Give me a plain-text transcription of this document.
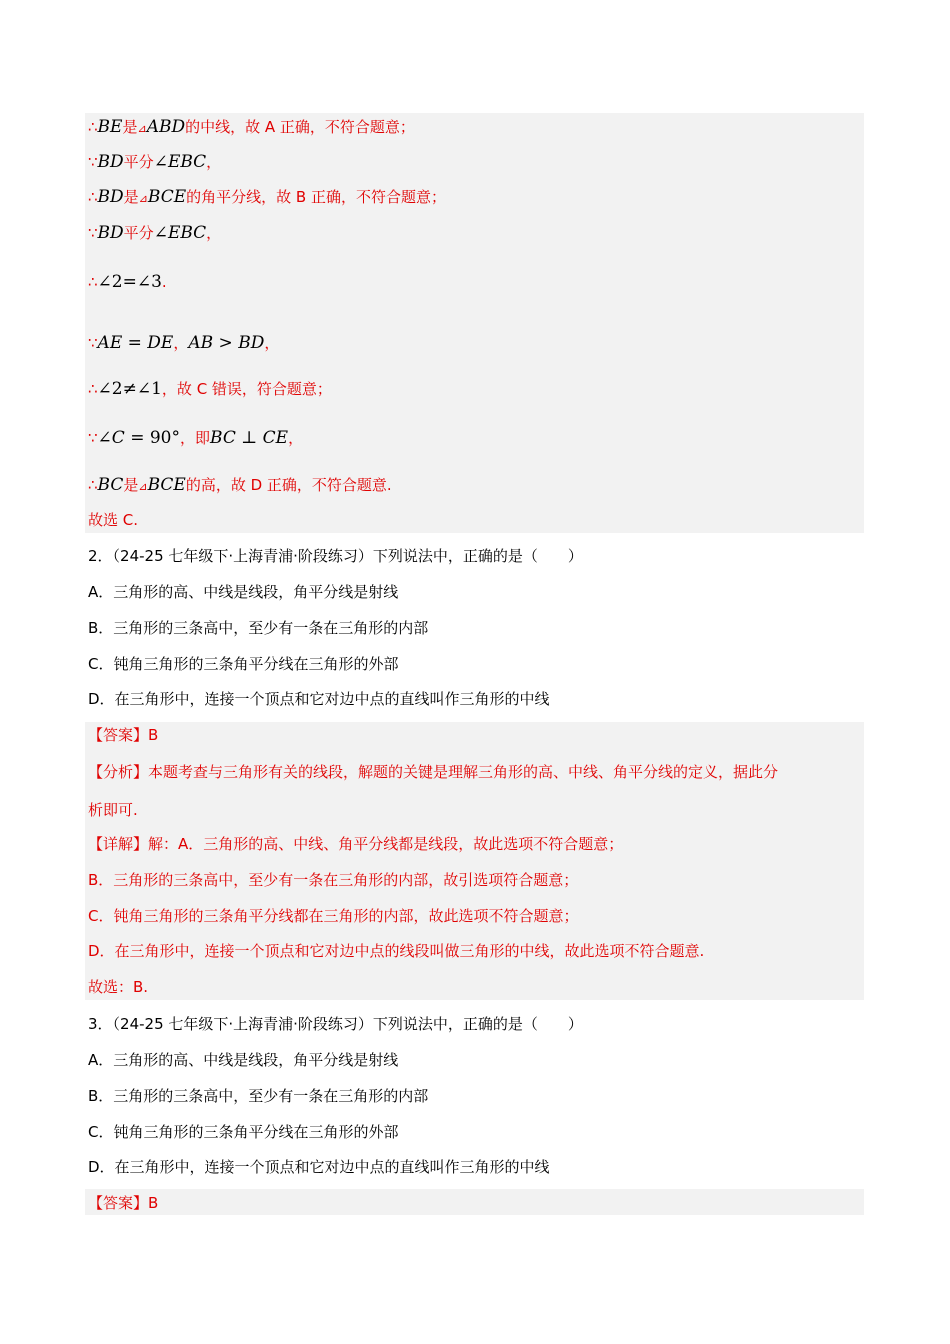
∴BE是⊿ABD的中线，故 A 正确，不符合题意；
∵BD平分∠EBC，
∴BD是⊿BCE的角平分线，故 B 正确，不符合题意；
∵BD平分∠EBC，
∴∠2=∠3.
∵AE = DE，AB > BD，
∴∠2≠∠1，故 C 错误，符合题意；
∵∠C = 90°，即BC ⊥ CE，
∴BC是⊿BCE的高，故 D 正确，不符合题意.
故选 C.
2．（24-25 七年级下·上海青浦·阶段练习）下列说法中，正确的是（　　）
A．三角形的高、中线是线段，角平分线是射线
B．三角形的三条高中，至少有一条在三角形的内部
C．钝角三角形的三条角平分线在三角形的外部
D．在三角形中，连接一个顶点和它对边中点的直线叫作三角形的中线
【答案】B
【分析】本题考查与三角形有关的线段，解题的关键是理解三角形的高、中线、角平分线的定义，据此分
析即可.
【详解】解：A．三角形的高、中线、角平分线都是线段，故此选项不符合题意；
B．三角形的三条高中，至少有一条在三角形的内部，故引选项符合题意；
C．钝角三角形的三条角平分线都在三角形的内部，故此选项不符合题意；
D．在三角形中，连接一个顶点和它对边中点的线段叫做三角形的中线，故此选项不符合题意.
故选：B.
3．（24-25 七年级下·上海青浦·阶段练习）下列说法中，正确的是（　　）
A．三角形的高、中线是线段，角平分线是射线
B．三角形的三条高中，至少有一条在三角形的内部
C．钝角三角形的三条角平分线在三角形的外部
D．在三角形中，连接一个顶点和它对边中点的直线叫作三角形的中线
【答案】B
